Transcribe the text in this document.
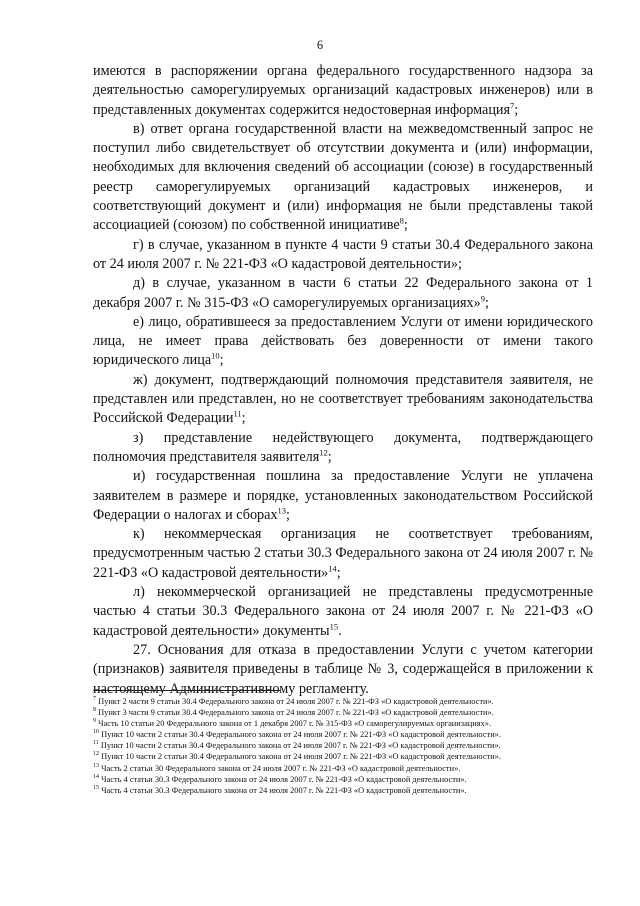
6

имеются в распоряжении органа федерального государственного надзора за деятельностью саморегулируемых организаций кадастровых инженеров) или в представленных документах содержится недостоверная информация$^7$;

в) ответ органа государственной власти на межведомственный запрос не поступил либо свидетельствует об отсутствии документа и (или) информации, необходимых для включения сведений об ассоциации (союзе) в государственный реестр саморегулируемых организаций кадастровых инженеров, и соответствующий документ и (или) информация не были представлены такой ассоциацией (союзом) по собственной инициативе$^8$;

г) в случае, указанном в пункте 4 части 9 статьи 30.4 Федерального закона от 24 июля 2007 г. № 221-ФЗ «О кадастровой деятельности»;

д) в случае, указанном в части 6 статьи 22 Федерального закона от 1 декабря 2007 г. № 315-ФЗ «О саморегулируемых организациях»$^9$;

е) лицо, обратившееся за предоставлением Услуги от имени юридического лица, не имеет права действовать без доверенности от имени такого юридического лица$^{10}$;

ж) документ, подтверждающий полномочия представителя заявителя, не представлен или представлен, но не соответствует требованиям законодательства Российской Федерации$^{11}$;

з) представление недействующего документа, подтверждающего полномочия представителя заявителя$^{12}$;

и) государственная пошлина за предоставление Услуги не уплачена заявителем в размере и порядке, установленных законодательством Российской Федерации о налогах и сборах$^{13}$;

к) некоммерческая организация не соответствует требованиям, предусмотренным частью 2 статьи 30.3 Федерального закона от 24 июля 2007 г. № 221-ФЗ «О кадастровой деятельности»$^{14}$;

л) некоммерческой организацией не представлены предусмотренные частью 4 статьи 30.3 Федерального закона от 24 июля 2007 г. № 221-ФЗ «О кадастровой деятельности» документы$^{15}$.

27. Основания для отказа в предоставлении Услуги с учетом категории (признаков) заявителя приведены в таблице № 3, содержащейся в приложении к настоящему Административному регламенту.

$^7$ Пункт 2 части 9 статьи 30.4 Федерального закона от 24 июля 2007 г. № 221-ФЗ «О кадастровой деятельности».

$^8$ Пункт 3 части 9 статьи 30.4 Федерального закона от 24 июля 2007 г. № 221-ФЗ «О кадастровой деятельности».

$^9$ Часть 10 статьи 20 Федерального закона от 1 декабря 2007 г. № 315-ФЗ «О саморегулируемых организациях».

$^{10}$ Пункт 10 части 2 статьи 30.4 Федерального закона от 24 июля 2007 г. № 221-ФЗ «О кадастровой деятельности».

$^{11}$ Пункт 10 части 2 статьи 30.4 Федерального закона от 24 июля 2007 г. № 221-ФЗ «О кадастровой деятельности».

$^{12}$ Пункт 10 части 2 статьи 30.4 Федерального закона от 24 июля 2007 г. № 221-ФЗ «О кадастровой деятельности».

$^{13}$ Часть 2 статьи 30 Федерального закона от 24 июля 2007 г. № 221-ФЗ «О кадастровой деятельности».

$^{14}$ Часть 4 статьи 30.3 Федерального закона от 24 июля 2007 г. № 221-ФЗ «О кадастровой деятельности».

$^{15}$ Часть 4 статьи 30.3 Федерального закона от 24 июля 2007 г. № 221-ФЗ «О кадастровой деятельности».
